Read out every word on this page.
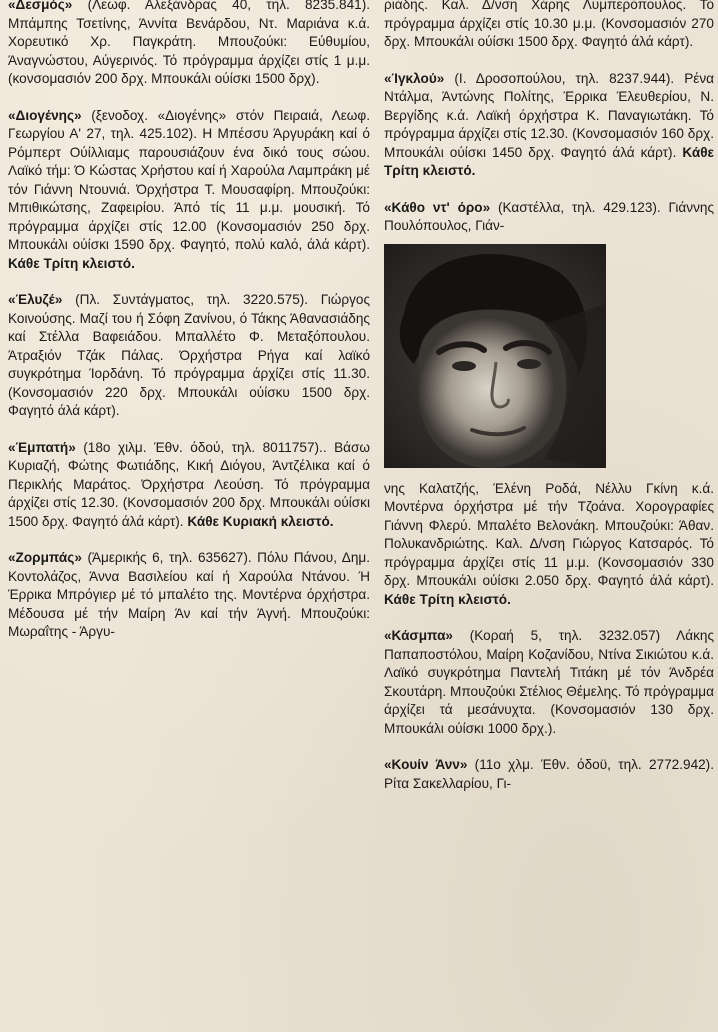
«Δεσμός» (Λεωφ. Αλεξάνδρας 40, τηλ. 8235.841). Μπάμπης Τσετίνης, Άννίτα Βενάρδου, Ντ. Μαριάνα κ.ά. Χορευτικό Χρ. Παγκράτη. Μπουζούκι: Εύθυμίου, Άναγνώστου, Αύγερινός. Τό πρόγραμμα άρχίζει στίς 1 μ.μ. (κονσομασιόν 200 δρχ. Μπουκάλι ούίσκι 1500 δρχ).

«Διογένης» (ξενοδοχ. «Διογένης» στόν Πειραιά, Λεωφ. Γεωργίου Α' 27, τηλ. 425.102). Η Μπέσσυ Άργυράκη καί ό Ρόμπερτ Ούίλλιαμς παρουσιάζουν ένα δικό τους σώου. Λαϊκό τήμ: Ό Κώστας Χρήστου καί ή Χαρούλα Λαμπράκη μέ τόν Γιάννη Ντουνιά. Όρχήστρα Τ. Μουσαφίρη. Μπουζούκι: Μπιθικώτσης, Ζαφειρίου. Άπό τίς 11 μ.μ. μουσική. Τό πρόγραμμα άρχίζει στίς 12.00 (Κονσομασιόν 250 δρχ. Μπουκάλι ούίσκι 1590 δρχ. Φαγητό, πολύ καλό, άλά κάρτ). Κάθε Τρίτη κλειστό.

«Έλυζέ» (Πλ. Συντάγματος, τηλ. 3220.575). Γιώργος Κοινούσης. Μαζί του ή Σόφη Ζανίνου, ό Τάκης Άθανασιάδης καί Στέλλα Βαφειάδου. Μπαλλέτο Φ. Μεταξόπουλου. Άτραξιόν Τζάκ Πάλας. Όρχήστρα Ρήγα καί λαϊκό συγκρότημα Ίορδάνη. Τό πρόγραμμα άρχίζει στίς 11.30. (Κονσομασιόν 220 δρχ. Μπουκάλι ούίσκυ 1500 δρχ. Φαγητό άλά κάρτ).

«Έμπατή» (18ο χιλμ. Έθν. όδού, τηλ. 8011757).. Βάσω Κυριαζή, Φώτης Φωτιάδης, Κική Διόγου, Άντζέλικα καί ό Περικλής Μαράτος. Όρχήστρα Λεούση. Τό πρόγραμμα άρχίζει στίς 12.30. (Κονσομασιόν 200 δρχ. Μπουκάλι ούίσκι 1500 δρχ. Φαγητό άλά κάρτ). Κάθε Κυριακή κλειστό.

«Ζορμπάς» (Άμερικής 6, τηλ. 635627). Πόλυ Πάνου, Δημ. Κοντολάζος, Άννα Βασιλείου καί ή Χαρούλα Ντάνου. Ή Έρρικα Μπρόγιερ μέ τό μπαλέτο της. Μοντέρνα όρχήστρα. Μέδουσα μέ τήν Μαίρη Άν καί τήν Άγνή. Μπουζούκι: Μωραΐτης - Άργυ-

ριάδης. Καλ. Δ/νση Χάρης Λυμπερόπουλος. Τό πρόγραμμα άρχίζει στίς 10.30 μ.μ. (Κονσομασιόν 270 δρχ. Μπουκάλι ούίσκι 1500 δρχ. Φαγητό άλά κάρτ).

«Ίγκλού» (Ι. Δροσοπούλου, τηλ. 8237.944). Ρένα Ντάλμα, Άντώνης Πολίτης, Έρρικα Έλευθερίου, Ν. Βεργίδης κ.ά. Λαϊκή όρχήστρα Κ. Παναγιωτάκη. Τό πρόγραμμα άρχίζει στίς 12.30. (Κονσομασιόν 160 δρχ. Μπουκάλι ούίσκι 1450 δρχ. Φαγητό άλά κάρτ). Κάθε Τρίτη κλειστό.

«Κάθο ντ' όρο» (Καστέλλα, τηλ. 429.123). Γιάννης Πουλόπουλος, Γιάν-

νης Καλατζής, Έλένη Ροδά, Νέλλυ Γκίνη κ.ά. Μοντέρνα όρχήστρα μέ τήν Τζοάνα. Χορογραφίες Γιάννη Φλερύ. Μπαλέτο Βελονάκη. Μπουζούκι: Άθαν. Πολυκανδριώτης. Καλ. Δ/νση Γιώργος Κατσαρός. Τό πρόγραμμα άρχίζει στίς 11 μ.μ. (Κονσομασιόν 330 δρχ. Μπουκάλι ούίσκι 2.050 δρχ. Φαγητό άλά κάρτ). Κάθε Τρίτη κλειστό.

«Κάσμπα» (Κοραή 5, τηλ. 3232.057) Λάκης Παπαποστόλου, Μαίρη Κοζανίδου, Ντίνα Σικιώτου κ.ά. Λαϊκό συγκρότημα Παντελή Τιτάκη μέ τόν Άνδρέα Σκουτάρη. Μπουζούκι Στέλιος Θέμελης. Τό πρόγραμμα άρχίζει τά μεσάνυχτα. (Κονσομασιόν 130 δρχ. Μπουκάλι ούίσκι 1000 δρχ.).

«Κουίν Άνν» (11ο χλμ. Έθν. όδοϋ, τηλ. 2772.942). Ρίτα Σακελλαρίου, Γι-
